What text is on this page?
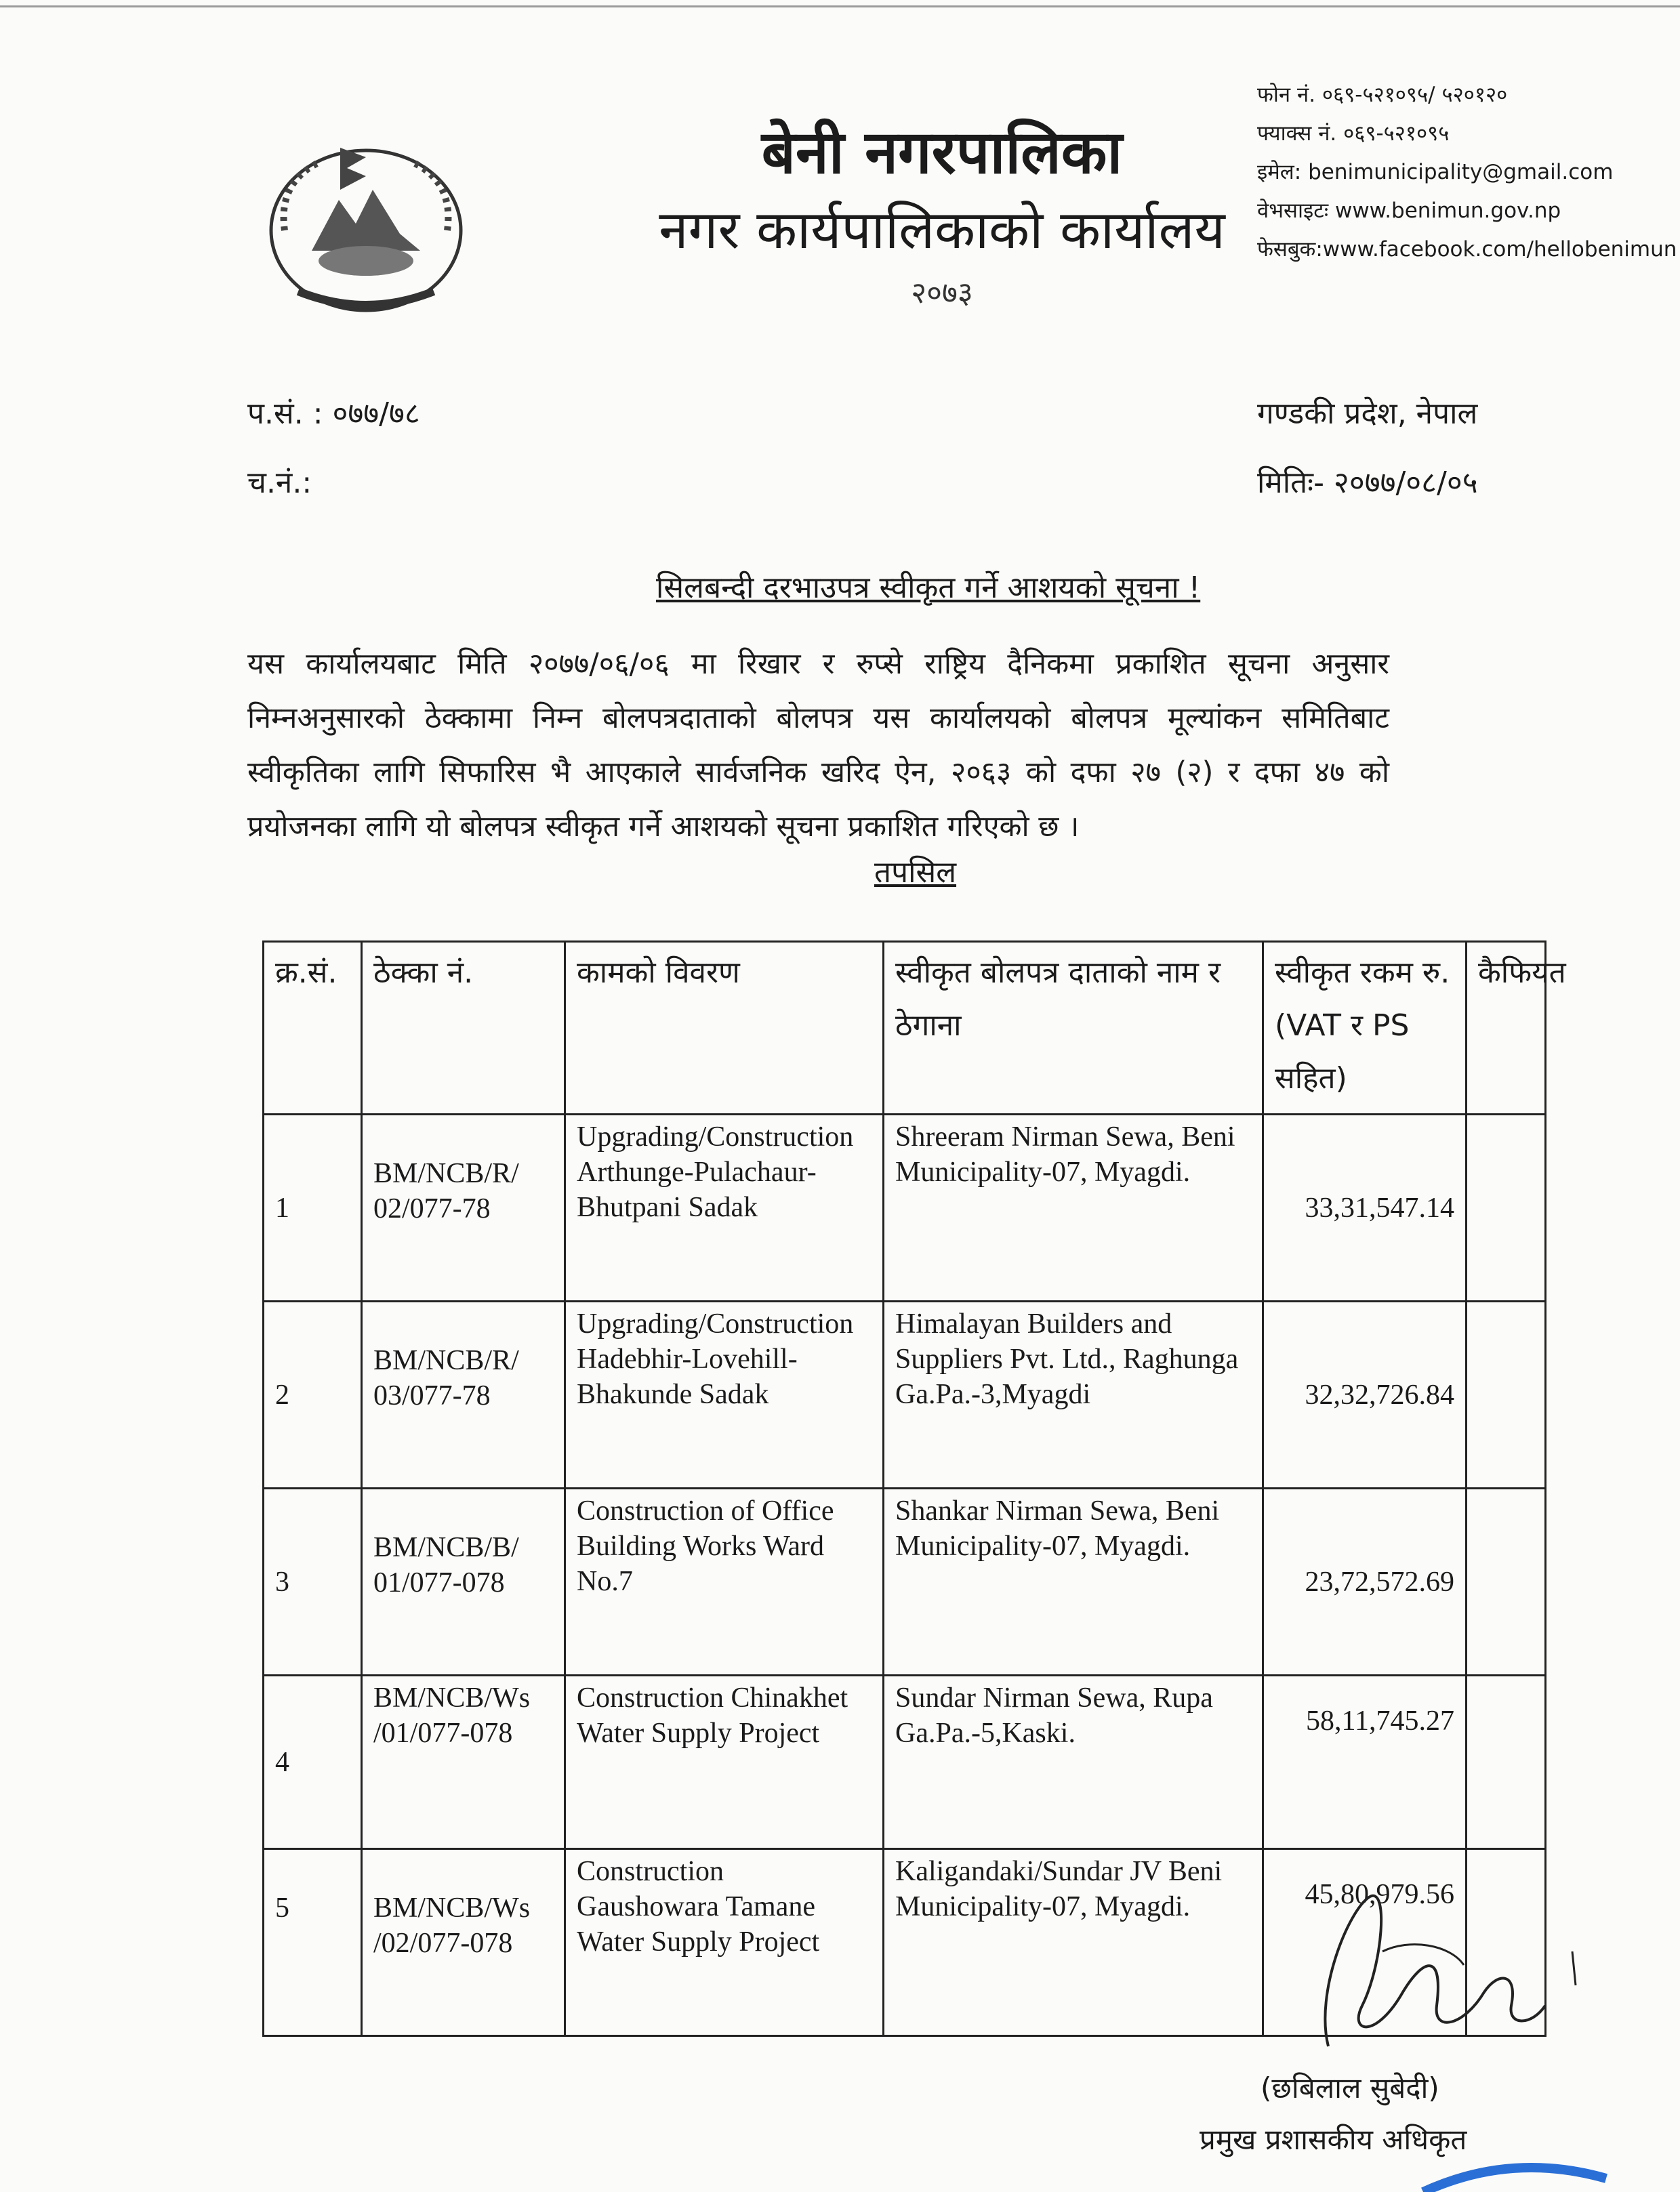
बेनी नगरपालिका
नगर कार्यपालिकाको कार्यालय
२०७३
फोन नं. ०६९-५२१०९५/ ५२०१२०
फ्याक्स नं. ०६९-५२१०९५
इमेल: benimunicipality@gmail.com
वेभसाइटः www.benimun.gov.np
फेसबुक:www.facebook.com/hellobenimun
प.सं. : ०७७/७८
च.नं.:
गण्डकी प्रदेश, नेपाल
मितिः- २०७७/०८/०५
सिलबन्दी दरभाउपत्र स्वीकृत गर्ने आशयको सूचना !
यस कार्यालयबाट मिति २०७७/०६/०६ मा रिखार र रुप्से राष्ट्रिय दैनिकमा प्रकाशित सूचना अनुसार निम्नअनुसारको ठेक्कामा निम्न बोलपत्रदाताको बोलपत्र यस कार्यालयको बोलपत्र मूल्यांकन समितिबाट स्वीकृतिका लागि सिफारिस भै आएकाले सार्वजनिक खरिद ऐन, २०६३ को दफा २७ (२) र दफा ४७ को प्रयोजनका लागि यो बोलपत्र स्वीकृत गर्ने आशयको सूचना प्रकाशित गरिएको छ ।
तपसिल
क्र.सं.	ठेक्का नं.	कामको विवरण	स्वीकृत बोलपत्र दाताको नाम र ठेगाना	स्वीकृत रकम रु. (VAT र PS सहित)	कैफियत
1	BM/NCB/R/ 02/077-78	Upgrading/Construction Arthunge-Pulachaur-Bhutpani Sadak	Shreeram Nirman Sewa, Beni Municipality-07, Myagdi.	33,31,547.14	
2	BM/NCB/R/ 03/077-78	Upgrading/Construction Hadebhir-Lovehill-Bhakunde Sadak	Himalayan Builders and Suppliers Pvt. Ltd., Raghunga Ga.Pa.-3,Myagdi	32,32,726.84	
3	BM/NCB/B/ 01/077-078	Construction of Office Building Works Ward No.7	Shankar Nirman Sewa, Beni Municipality-07, Myagdi.	23,72,572.69	
4	BM/NCB/Ws /01/077-078	Construction Chinakhet Water Supply Project	Sundar Nirman Sewa, Rupa Ga.Pa.-5,Kaski.	58,11,745.27	
5	BM/NCB/Ws /02/077-078	Construction Gaushowara Tamane Water Supply Project	Kaligandaki/Sundar JV Beni Municipality-07, Myagdi.	45,80,979.56	
(छबिलाल सुबेदी)
प्रमुख प्रशासकीय अधिकृत
